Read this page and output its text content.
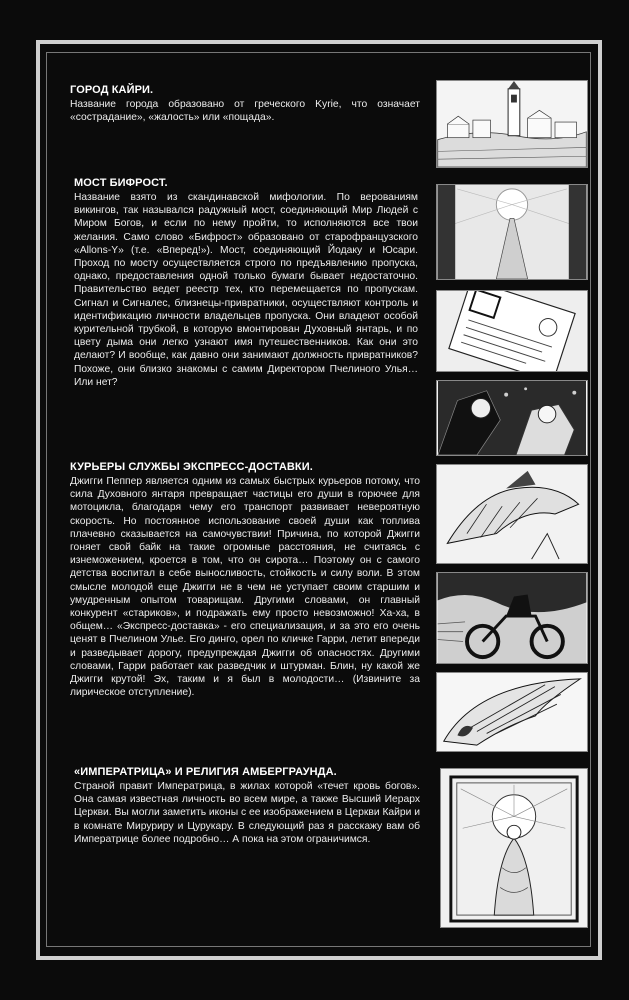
ГОРОД КАЙРИ.

Название города образовано от греческого Kyrie, что означает «сострадание», «жалость» или «пощада».

МОСТ БИФРОСТ.

Название взято из скандинавской мифологии. По верованиям викингов, так назывался радужный мост, соединяющий Мир Людей с Миром Богов, и если по нему пройти, то исполняются все твои желания. Само слово «Бифрост» образовано от старофранцузского «Allons-Y» (т.е. «Вперед!»). Мост, соединяющий Йодаку и Юсари. Проход по мосту осуществляется строго по предъявлению пропуска, однако, предоставления одной только бумаги бывает недостаточно. Правительство ведет реестр тех, кто перемещается по пропускам. Сигнал и Сигналес, близнецы-привратники, осуществляют контроль и идентификацию личности владельцев пропуска. Они владеют особой курительной трубкой, в которую вмонтирован Духовный янтарь, и по цвету дыма они легко узнают имя путешественников. Как они это делают? И вообще, как давно они занимают должность привратников? Похоже, они близко знакомы с самим Директором Пчелиного Улья… Или нет?

КУРЬЕРЫ СЛУЖБЫ ЭКСПРЕСС-ДОСТАВКИ.

Джигги Пеппер является одним из самых быстрых курьеров потому, что сила Духовного янтаря превращает частицы его души в горючее для мотоцикла, благодаря чему его транспорт развивает невероятную скорость. Но постоянное использование своей души как топлива плачевно сказывается на самочувствии! Причина, по которой Джигги гоняет свой байк на такие огромные расстояния, не считаясь с изнеможением, кроется в том, что он сирота… Поэтому он с самого детства воспитал в себе выносливость, стойкость и силу воли. В этом смысле молодой еще Джигги не в чем не уступает своим старшим и умудренным опытом товарищам. Другими словами, он главный конкурент «стариков», и подражать ему просто невозможно! Ха-ха, в общем… «Экспресс-доставка» - его специализация, и за это его очень ценят в Пчелином Улье. Его динго, орел по кличке Гарри, летит впереди и разведывает дорогу, предупреждая Джигги об опасностях. Другими словами, Гарри работает как разведчик и штурман. Блин, ну какой же Джигги крутой! Эх, таким и я был в молодости… (Извините за лирическое отступление).

«ИМПЕРАТРИЦА» И РЕЛИГИЯ АМБЕРГРАУНДА.

Страной правит Императрица, в жилах которой «течет кровь богов». Она самая известная личность во всем мире, а также Высший Иерарх Церкви. Вы могли заметить иконы с ее изображением в Церкви Кайри и в комнате Мируриру и Цурукару. В следующий раз я расскажу вам об Императрице более подробно… А пока на этом ограничимся.
